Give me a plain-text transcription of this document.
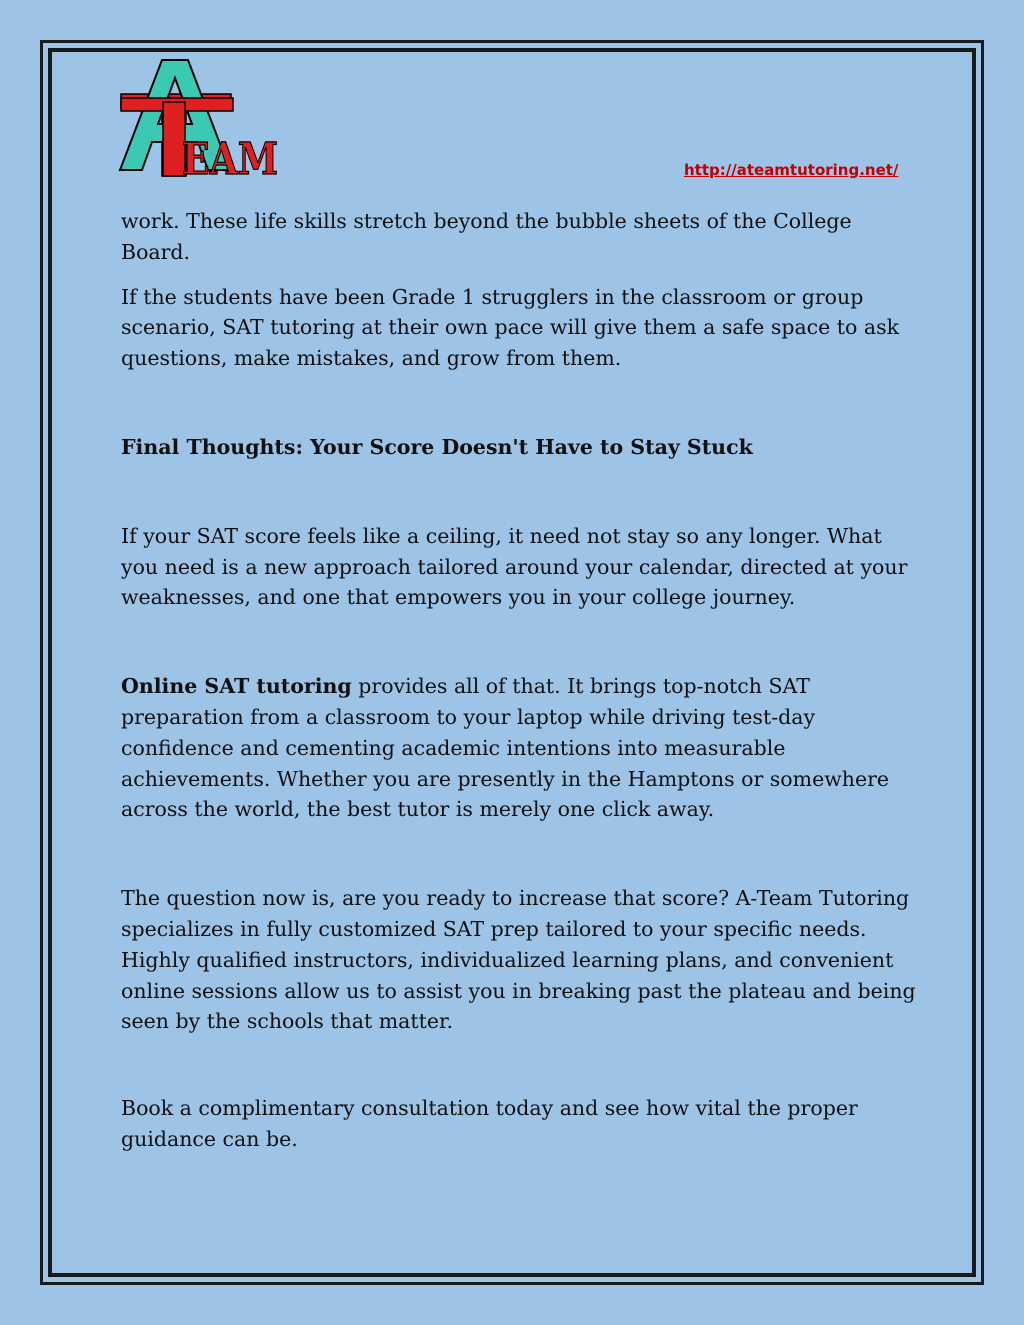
EAM	http://ateamtutoring.net/

work. These life skills stretch beyond the bubble sheets of the College Board.

If the students have been Grade 1 strugglers in the classroom or group scenario, SAT tutoring at their own pace will give them a safe space to ask questions, make mistakes, and grow from them.

Final Thoughts: Your Score Doesn't Have to Stay Stuck

If your SAT score feels like a ceiling, it need not stay so any longer. What you need is a new approach tailored around your calendar, directed at your weaknesses, and one that empowers you in your college journey.

Online SAT tutoring provides all of that. It brings top-notch SAT preparation from a classroom to your laptop while driving test-day confidence and cementing academic intentions into measurable achievements. Whether you are presently in the Hamptons or somewhere across the world, the best tutor is merely one click away.

The question now is, are you ready to increase that score? A-Team Tutoring specializes in fully customized SAT prep tailored to your specific needs. Highly qualified instructors, individualized learning plans, and convenient online sessions allow us to assist you in breaking past the plateau and being seen by the schools that matter.

Book a complimentary consultation today and see how vital the proper guidance can be.
